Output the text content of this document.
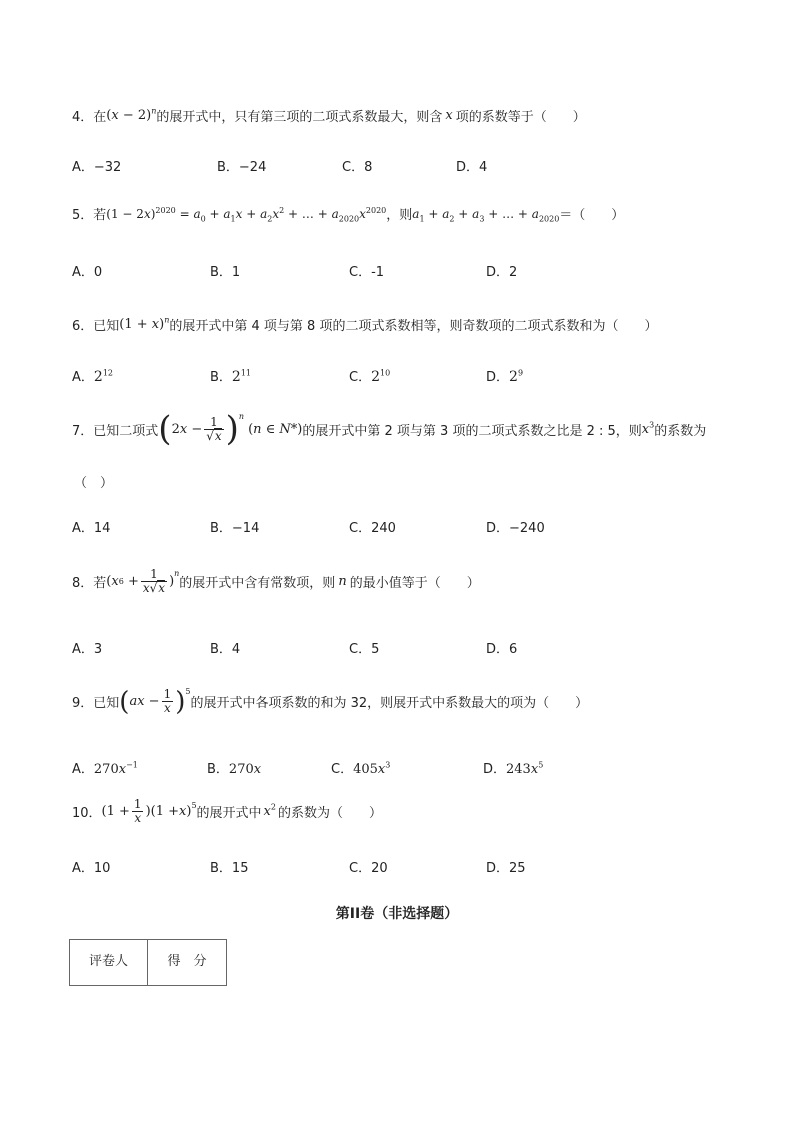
4． 在 $(x - 2)^n$ 的展开式中，只有第三项的二项式系数最大，则含 x 项的系数等于（　　）
A．−32	B．−24	C．8	D．4
5． 若 $(1 - 2x)^{2020} = a_0 + a_1x + a_2x^2$ + … + $a_{2020}x^{2020}$ ，则 $a_1 + a_2 + a_3$ + … + $a_{2020}$ ＝（　　）
A．0	B．1	C．-1	D．2
6． 已知 $(1 + x)^n$ 的展开式中第 4 项与第 8 项的二项式系数相等，则奇数项的二项式系数和为（　　）
A．$2^{12}$	B．$2^{11}$	C．$2^{10}$	D．$2^9$
7． 已知二项式 ( 2 $x - \frac{1}{√x} )^n$
(n ∈ N*) 的展开式中第 2 项与第 3 项的二项式系数之比是 2 : 5，则 $x^3$ 的系数为
（　）
A．14	B．−14	C．240	D．−240
8． 若 ( x $6 + \frac{1}{x√x}$ )
$^n$
的展开式中含有常数项，则 n 的最小值等于（　　）
A．3	B．4	C．5	D．6
9． 已知 ( ax − $\frac{1}{x} )^5$
的展开式中各项系数的和为 32，则展开式中系数最大的项为（　　）
A．$270x^{-1}$	B．270x	C．$405x^3$	D．$243x^5$
10． $(1 + \frac{1}{x} )(1 + x$ )$^5$
的展开式中 $x^2$ 的系数为（　　）
A．10	B．15	C．20	D．25
第II卷（非选择题）
评卷人	得　分
